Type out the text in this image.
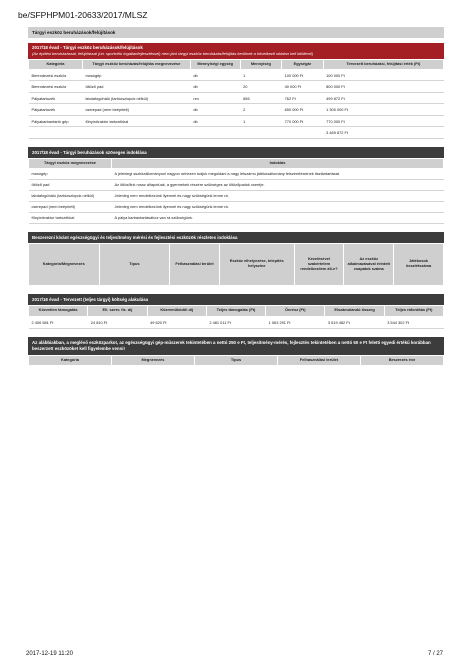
be/SFPHPM01-20633/2017/MLSZ
Tárgyi eszköz beruházások/felújítások
2017/18 évad - Tárgyi eszköz beruházások/felújítások
(Az építési beruházással, felújítással (ún. sportcélú ingatlanfejlesztéssel) nem járó tárgyi eszköz beruházás/felújítás kerülnek a következő oldalon kell kitölteni!)
Kategória	Tárgyi eszköz beruházás/felújítás megnevezése	Mennyiségi egység	Mennyiség	Egységár	Tervezett beruházási, felújítási érték (Ft)
Berendezési eszköz	mosógép	db	1	100 000 Ft	100 000 Ft
Berendezési eszköz	öltöző pad	db	20	40 000 Ft	800 000 Ft
Pályatartozék	labdafogóháló (tartóoszlopok nélkül)	nm	656	762 Ft	499 872 Ft
Pályatartozék	cserepad (nem beépített)	db	2	650 000 Ft	1 300 000 Ft
Pályakarbantartó gép	fűnyírótraktor tartozékkal	db	1	770 000 Ft	770 000 Ft
					3 469 872 Ft
2017/18 évad - Tárgyi beruházások szöveges indoklása
Tárgyi eszköz megnevezése	Indoklás
mosógép	A jelenlegi sszközállományunl nagyon nehezen tudjuk megoldani a nagy létszámú játékosállomány felszereléseinek tisztántartását.
öltöző pad	Az öltözőink rossz állapotúak, a gyermekek részére szükséges az öltözőpadok cseréje.
labdafogóháló (tartóoszlopok nélkül)	Jelenleg nem rendelkezünk ilyennel és nagy szükségünk lenne rá.
cserepad (nem beépített)	Jelenleg nem rendelkezünk ilyennel és nagy szükségünk lenne rá.
fűnyírótraktor tartozékkal	A pálya karbantartásához van rá szükségünk.
Beszerezni kívánt egészségügyi és teljesítmény mérési és fejlesztési eszközök részletes indoklása
Kategória/Megnevezés	Típus	Felhasználási terület	Eszköz elhelyezése, telepítés helyszíne	Kezelésével szakértelem rendelkezőem áll-e?	Az eszköz alkalmazásával érintett csapatok száma	Játékosok összlétszáma
2017/18 évad - Tervezett (teljes tárgyi) költség alakulása
Közvetlen támogatás	Ell. szerv. fiz. díj	Közreműködői díj	Teljes támogatás (Ft)	Önrész (Ft)	Elszámolandó összeg	Teljes ráfordítás (Ft)
2 406 581 Ft	24 810 Ft	49 620 Ft	2 481 011 Ft	1 063 291 Ft	3 519 482 Ft	3 544 302 Ft
Az alábbiakban, a meglévő eszközparkot, az egészségügyi gép-műszerek tekintetében a nettó 250 e Ft, teljesítmény-mérés, fejlesztés tekintetében a nettó 50 e Ft feletti egyedi értékű korábban beszerzett eszközöket kell figyelembe venni!
Kategória	Megnevezés	Típus	Felhasználási terület	Beszerzés éve
2017-12-19 11:20	7 / 27
